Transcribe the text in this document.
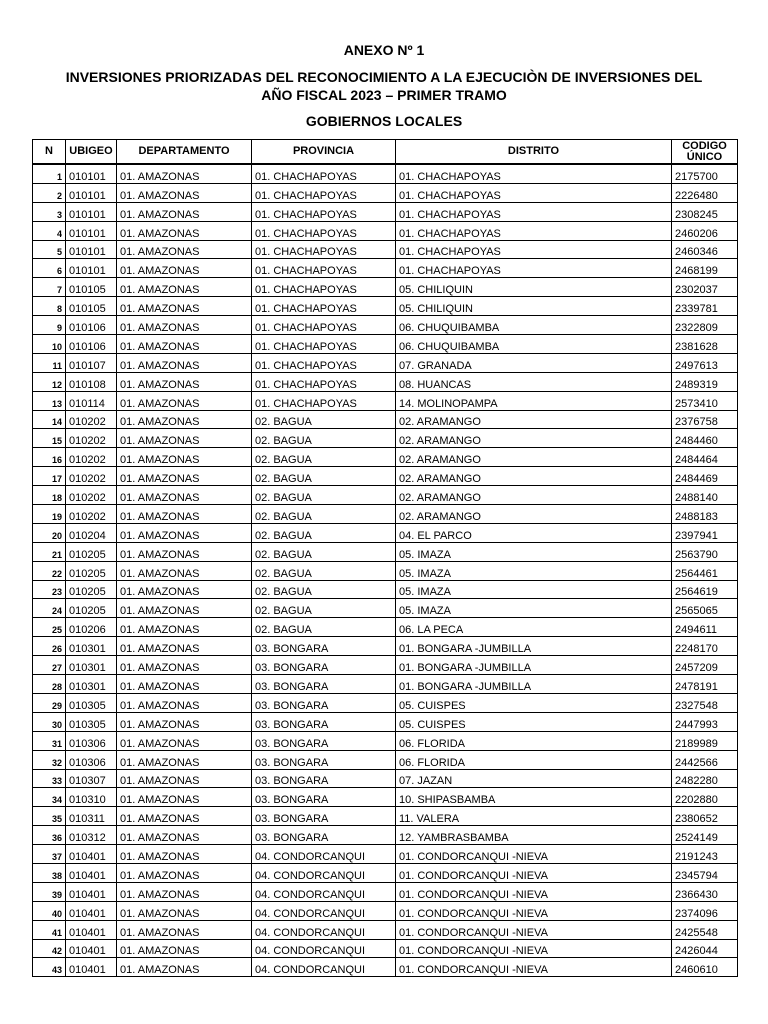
ANEXO Nº 1
INVERSIONES PRIORIZADAS DEL RECONOCIMIENTO A LA EJECUCIÒN DE INVERSIONES DEL
AÑO FISCAL 2023 – PRIMER TRAMO
GOBIERNOS LOCALES
N	UBIGEO	DEPARTAMENTO	PROVINCIA	DISTRITO	CODIGO
ÚNICO

1	010101	01. AMAZONAS	01. CHACHAPOYAS	01. CHACHAPOYAS	2175700
2	010101	01. AMAZONAS	01. CHACHAPOYAS	01. CHACHAPOYAS	2226480
3	010101	01. AMAZONAS	01. CHACHAPOYAS	01. CHACHAPOYAS	2308245
4	010101	01. AMAZONAS	01. CHACHAPOYAS	01. CHACHAPOYAS	2460206
5	010101	01. AMAZONAS	01. CHACHAPOYAS	01. CHACHAPOYAS	2460346
6	010101	01. AMAZONAS	01. CHACHAPOYAS	01. CHACHAPOYAS	2468199
7	010105	01. AMAZONAS	01. CHACHAPOYAS	05. CHILIQUIN	2302037
8	010105	01. AMAZONAS	01. CHACHAPOYAS	05. CHILIQUIN	2339781
9	010106	01. AMAZONAS	01. CHACHAPOYAS	06. CHUQUIBAMBA	2322809
10	010106	01. AMAZONAS	01. CHACHAPOYAS	06. CHUQUIBAMBA	2381628
11	010107	01. AMAZONAS	01. CHACHAPOYAS	07. GRANADA	2497613
12	010108	01. AMAZONAS	01. CHACHAPOYAS	08. HUANCAS	2489319
13	010114	01. AMAZONAS	01. CHACHAPOYAS	14. MOLINOPAMPA	2573410
14	010202	01. AMAZONAS	02. BAGUA	02. ARAMANGO	2376758
15	010202	01. AMAZONAS	02. BAGUA	02. ARAMANGO	2484460
16	010202	01. AMAZONAS	02. BAGUA	02. ARAMANGO	2484464
17	010202	01. AMAZONAS	02. BAGUA	02. ARAMANGO	2484469
18	010202	01. AMAZONAS	02. BAGUA	02. ARAMANGO	2488140
19	010202	01. AMAZONAS	02. BAGUA	02. ARAMANGO	2488183
20	010204	01. AMAZONAS	02. BAGUA	04. EL PARCO	2397941
21	010205	01. AMAZONAS	02. BAGUA	05. IMAZA	2563790
22	010205	01. AMAZONAS	02. BAGUA	05. IMAZA	2564461
23	010205	01. AMAZONAS	02. BAGUA	05. IMAZA	2564619
24	010205	01. AMAZONAS	02. BAGUA	05. IMAZA	2565065
25	010206	01. AMAZONAS	02. BAGUA	06. LA PECA	2494611
26	010301	01. AMAZONAS	03. BONGARA	01. BONGARA -JUMBILLA	2248170
27	010301	01. AMAZONAS	03. BONGARA	01. BONGARA -JUMBILLA	2457209
28	010301	01. AMAZONAS	03. BONGARA	01. BONGARA -JUMBILLA	2478191
29	010305	01. AMAZONAS	03. BONGARA	05. CUISPES	2327548
30	010305	01. AMAZONAS	03. BONGARA	05. CUISPES	2447993
31	010306	01. AMAZONAS	03. BONGARA	06. FLORIDA	2189989
32	010306	01. AMAZONAS	03. BONGARA	06. FLORIDA	2442566
33	010307	01. AMAZONAS	03. BONGARA	07. JAZAN	2482280
34	010310	01. AMAZONAS	03. BONGARA	10. SHIPASBAMBA	2202880
35	010311	01. AMAZONAS	03. BONGARA	11. VALERA	2380652
36	010312	01. AMAZONAS	03. BONGARA	12. YAMBRASBAMBA	2524149
37	010401	01. AMAZONAS	04. CONDORCANQUI	01. CONDORCANQUI -NIEVA	2191243
38	010401	01. AMAZONAS	04. CONDORCANQUI	01. CONDORCANQUI -NIEVA	2345794
39	010401	01. AMAZONAS	04. CONDORCANQUI	01. CONDORCANQUI -NIEVA	2366430
40	010401	01. AMAZONAS	04. CONDORCANQUI	01. CONDORCANQUI -NIEVA	2374096
41	010401	01. AMAZONAS	04. CONDORCANQUI	01. CONDORCANQUI -NIEVA	2425548
42	010401	01. AMAZONAS	04. CONDORCANQUI	01. CONDORCANQUI -NIEVA	2426044
43	010401	01. AMAZONAS	04. CONDORCANQUI	01. CONDORCANQUI -NIEVA	2460610
